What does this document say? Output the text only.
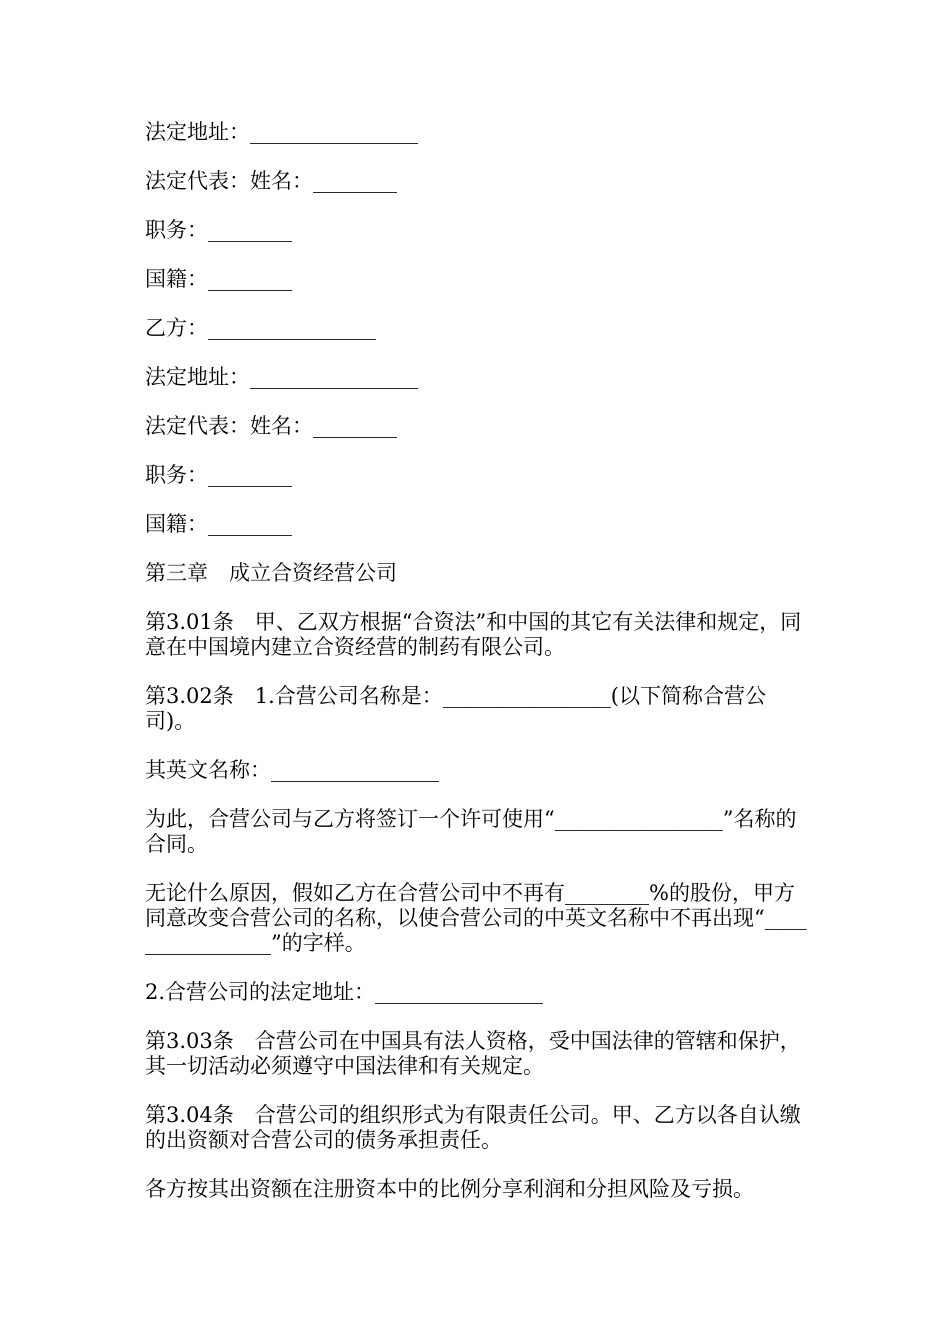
法定地址：________________

法定代表：姓名：________

职务：________

国籍：________

乙方：________________

法定地址：________________

法定代表：姓名：________

职务：________

国籍：________

第三章　成立合资经营公司

第3.01条　甲、乙双方根据“合资法”和中国的其它有关法律和规定，同意在中国境内建立合资经营的制药有限公司。

第3.02条　1.合营公司名称是：________________(以下简称合营公司)。

其英文名称：________________

为此，合营公司与乙方将签订一个许可使用“________________”名称的合同。

无论什么原因，假如乙方在合营公司中不再有________%的股份，甲方同意改变合营公司的名称，以使合营公司的中英文名称中不再出现“________________”的字样。

2.合营公司的法定地址：________________

第3.03条　合营公司在中国具有法人资格，受中国法律的管辖和保护，其一切活动必须遵守中国法律和有关规定。

第3.04条　合营公司的组织形式为有限责任公司。甲、乙方以各自认缴的出资额对合营公司的债务承担责任。

各方按其出资额在注册资本中的比例分享利润和分担风险及亏损。
